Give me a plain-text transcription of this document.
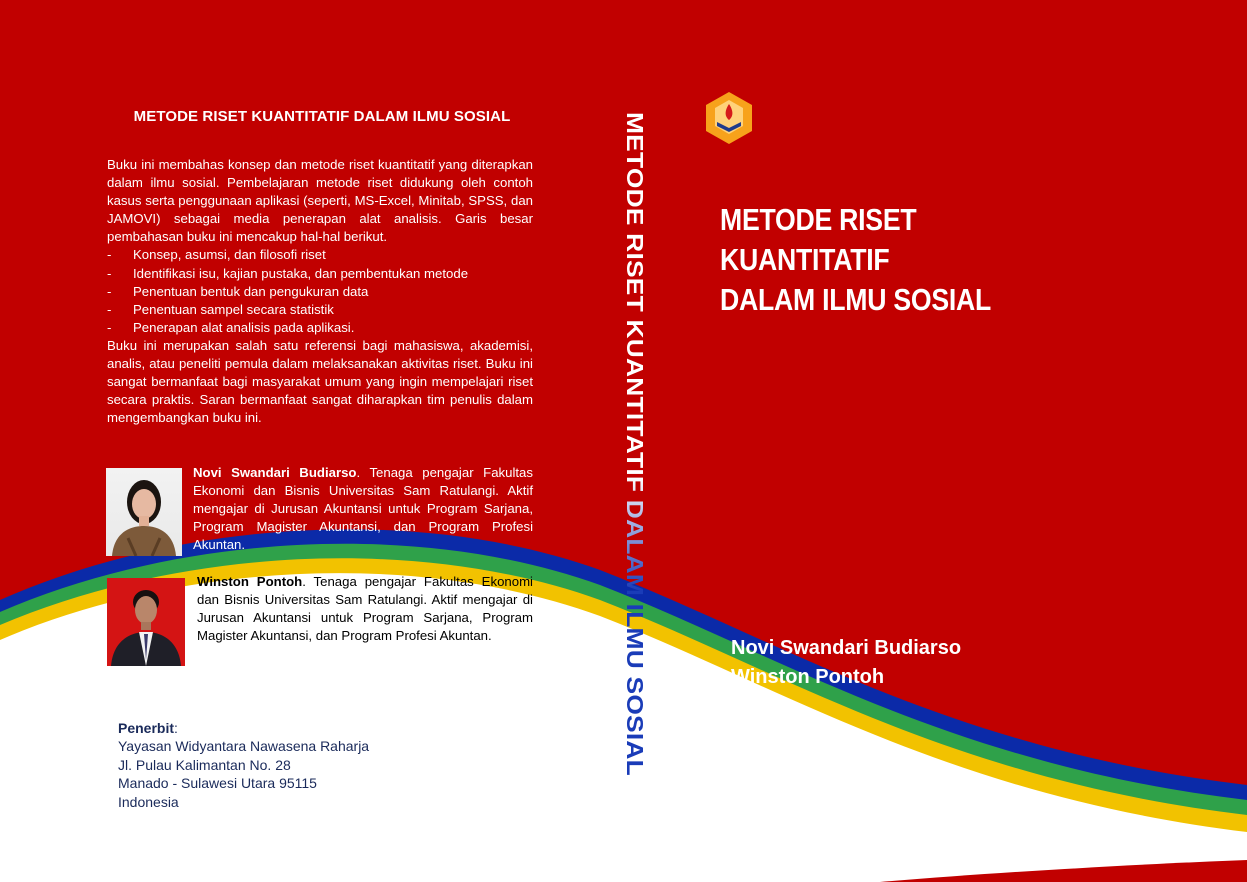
METODE RISET KUANTITATIF DALAM ILMU SOSIAL

Buku ini membahas konsep dan metode riset kuantitatif yang diterapkan dalam ilmu sosial. Pembelajaran metode riset didukung oleh contoh kasus serta penggunaan aplikasi (seperti, MS-Excel, Minitab, SPSS, dan JAMOVI) sebagai media penerapan alat analisis. Garis besar pembahasan buku ini mencakup hal-hal berikut.

- Konsep, asumsi, dan filosofi riset
- Identifikasi isu, kajian pustaka, dan pembentukan metode
- Penentuan bentuk dan pengukuran data
- Penentuan sampel secara statistik
- Penerapan alat analisis pada aplikasi.

Buku ini merupakan salah satu referensi bagi mahasiswa, akademisi, analis, atau peneliti pemula dalam melaksanakan aktivitas riset. Buku ini sangat bermanfaat bagi masyarakat umum yang ingin mempelajari riset secara praktis. Saran bermanfaat sangat diharapkan tim penulis dalam mengembangkan buku ini.

Novi Swandari Budiarso. Tenaga pengajar Fakultas Ekonomi dan Bisnis Universitas Sam Ratulangi. Aktif mengajar di Jurusan Akuntansi untuk Program Sarjana, Program Magister Akuntansi, dan Program Profesi Akuntan.
Winston Pontoh. Tenaga pengajar Fakultas Ekonomi dan Bisnis Universitas Sam Ratulangi. Aktif mengajar di Jurusan Akuntansi untuk Program Sarjana, Program Magister Akuntansi, dan Program Profesi Akuntan.
Penerbit:
Yayasan Widyantara Nawasena Raharja
Jl. Pulau Kalimantan No. 28
Manado - Sulawesi Utara 95115
Indonesia
METODE RISET KUANTITATIF DALAM ILMU SOSIAL METODE RISET KUANTITATIF
DALAM ILMU SOSIAL
Novi Swandari Budiarso
Winston Pontoh
